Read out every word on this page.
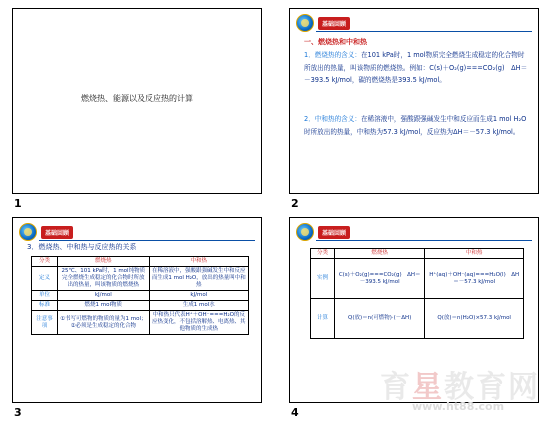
燃烧热、能源以及反应热的计算
1
基础回顾
一、燃烧热和中和热
1．燃烧热的含义：在101 kPa时，1 mol物质完全燃烧生成稳定的化合物时所放出的热量，叫该物质的燃烧热。例如：C(s)＋O₂(g)===CO₂(g)　ΔH＝－393.5 kJ/mol，碳的燃烧热是393.5 kJ/mol。
2．中和热的含义：在稀溶液中，强酸跟强碱发生中和反应而生成1 mol H₂O时所放出的热量，中和热为57.3 kJ/mol，反应热为ΔH＝－57.3 kJ/mol。
2
基础回顾
3．燃烧热、中和热与反应热的关系
分类	燃烧热	中和热
定义	25℃、101 kPa时，1 mol纯物质完全燃烧生成稳定的化合物时所放出的热量，叫该物质的燃烧热	在稀溶液中，强酸跟强碱发生中和反应而生成1 mol H₂O，放出的热量叫中和热
单位	kJ/mol	kJ/mol
标准	燃烧1 mol物质	生成1 mol水
注意事项	①书写可燃物的物质的量为1 mol；②必须是生成稳定的化合物	中和热只代表H⁺＋OH⁻===H₂O的反应热变化，不包括溶解热、电离热、其他物质的生成热
3
基础回顾
分类	燃烧热	中和热
实例	C(s)＋O₂(g)===CO₂(g)　ΔH＝－393.5 kJ/mol	H⁺(aq)＋OH⁻(aq)===H₂O(l)　ΔH＝－57.3 kJ/mol
计算	Q(放)＝n(可燃物)·(－ΔH)	Q(放)＝n(H₂O)×57.3 kJ/mol
4
育星教育网
www.ht88.com
